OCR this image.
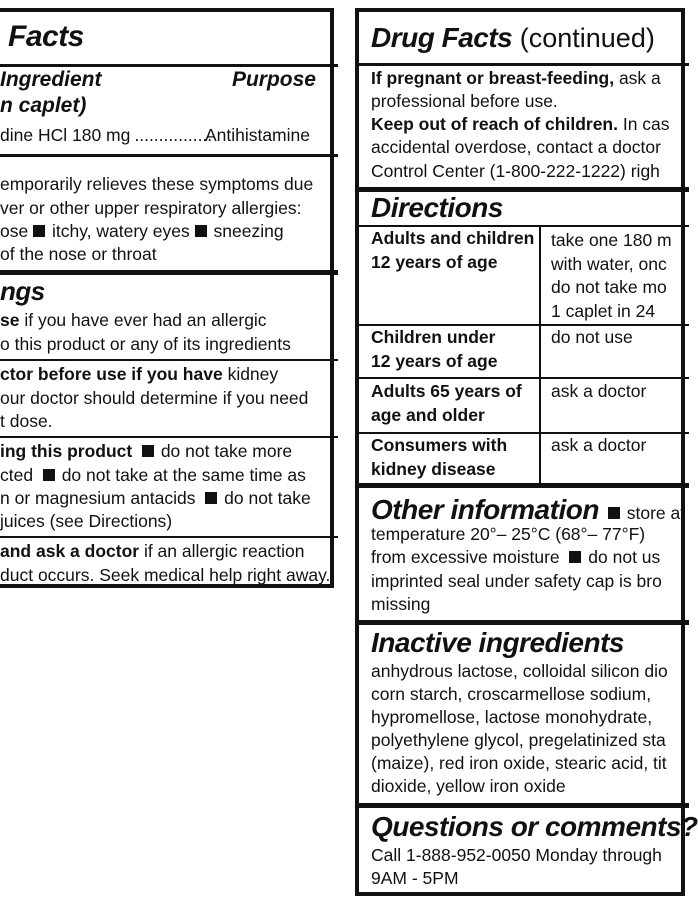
Facts
Ingredient	Purpose
n caplet)
dine HCl 180 mg ................
Antihistamine
emporarily relieves these symptoms due
ver or other upper respiratory allergies:
ose itchy, watery eyes sneezing
of the nose or throat
ngs
se if you have ever had an allergic
o this product or any of its ingredients
ctor before use if you have kidney
our doctor should determine if you need
t dose.
ing this product do not take more
cted do not take at the same time as
n or magnesium antacids do not take
juices (see Directions)
and ask a doctor if an allergic reaction
duct occurs. Seek medical help right away.
Drug Facts (continued)
If pregnant or breast-feeding, ask a
professional before use.
Keep out of reach of children. In cas
accidental overdose, contact a doctor
Control Center (1-800-222-1222) righ
Directions
Adults and children
12 years of age
take one 180 m
with water, onc
do not take mo
1 caplet in 24
Children under
12 years of age
do not use
Adults 65 years of
age and older
ask a doctor
Consumers with
kidney disease
ask a doctor
Other information store at
temperature 20°– 25°C (68°– 77°F)
from excessive moisture do not us
imprinted seal under safety cap is bro
missing
Inactive ingredients
anhydrous lactose, colloidal silicon dio
corn starch, croscarmellose sodium,
hypromellose, lactose monohydrate,
polyethylene glycol, pregelatinized sta
(maize), red iron oxide, stearic acid, tit
dioxide, yellow iron oxide
Questions or comments?
Call 1-888-952-0050 Monday through
9AM - 5PM
